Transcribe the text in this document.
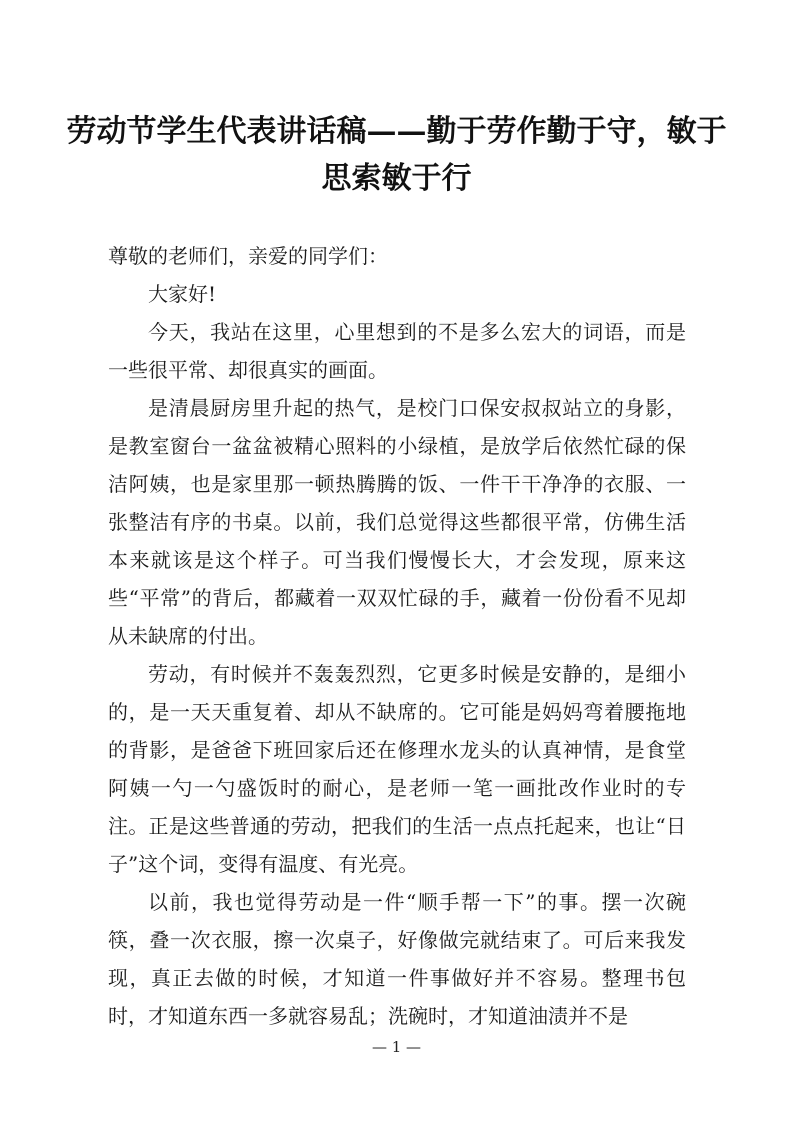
劳动节学生代表讲话稿——勤于劳作勤于守，敏于思索敏于行

尊敬的老师们，亲爱的同学们：

大家好!

今天，我站在这里，心里想到的不是多么宏大的词语，而是一些很平常、却很真实的画面。

是清晨厨房里升起的热气，是校门口保安叔叔站立的身影，是教室窗台一盆盆被精心照料的小绿植，是放学后依然忙碌的保洁阿姨，也是家里那一顿热腾腾的饭、一件干干净净的衣服、一张整洁有序的书桌。以前，我们总觉得这些都很平常，仿佛生活本来就该是这个样子。可当我们慢慢长大，才会发现，原来这些“平常”的背后，都藏着一双双忙碌的手，藏着一份份看不见却从未缺席的付出。

劳动，有时候并不轰轰烈烈，它更多时候是安静的，是细小的，是一天天重复着、却从不缺席的。它可能是妈妈弯着腰拖地的背影，是爸爸下班回家后还在修理水龙头的认真神情，是食堂阿姨一勺一勺盛饭时的耐心，是老师一笔一画批改作业时的专注。正是这些普通的劳动，把我们的生活一点点托起来，也让“日子”这个词，变得有温度、有光亮。

以前，我也觉得劳动是一件“顺手帮一下”的事。摆一次碗筷，叠一次衣服，擦一次桌子，好像做完就结束了。可后来我发现，真正去做的时候，才知道一件事做好并不容易。整理书包时，才知道东西一多就容易乱；洗碗时，才知道油渍并不是

— 1 —
